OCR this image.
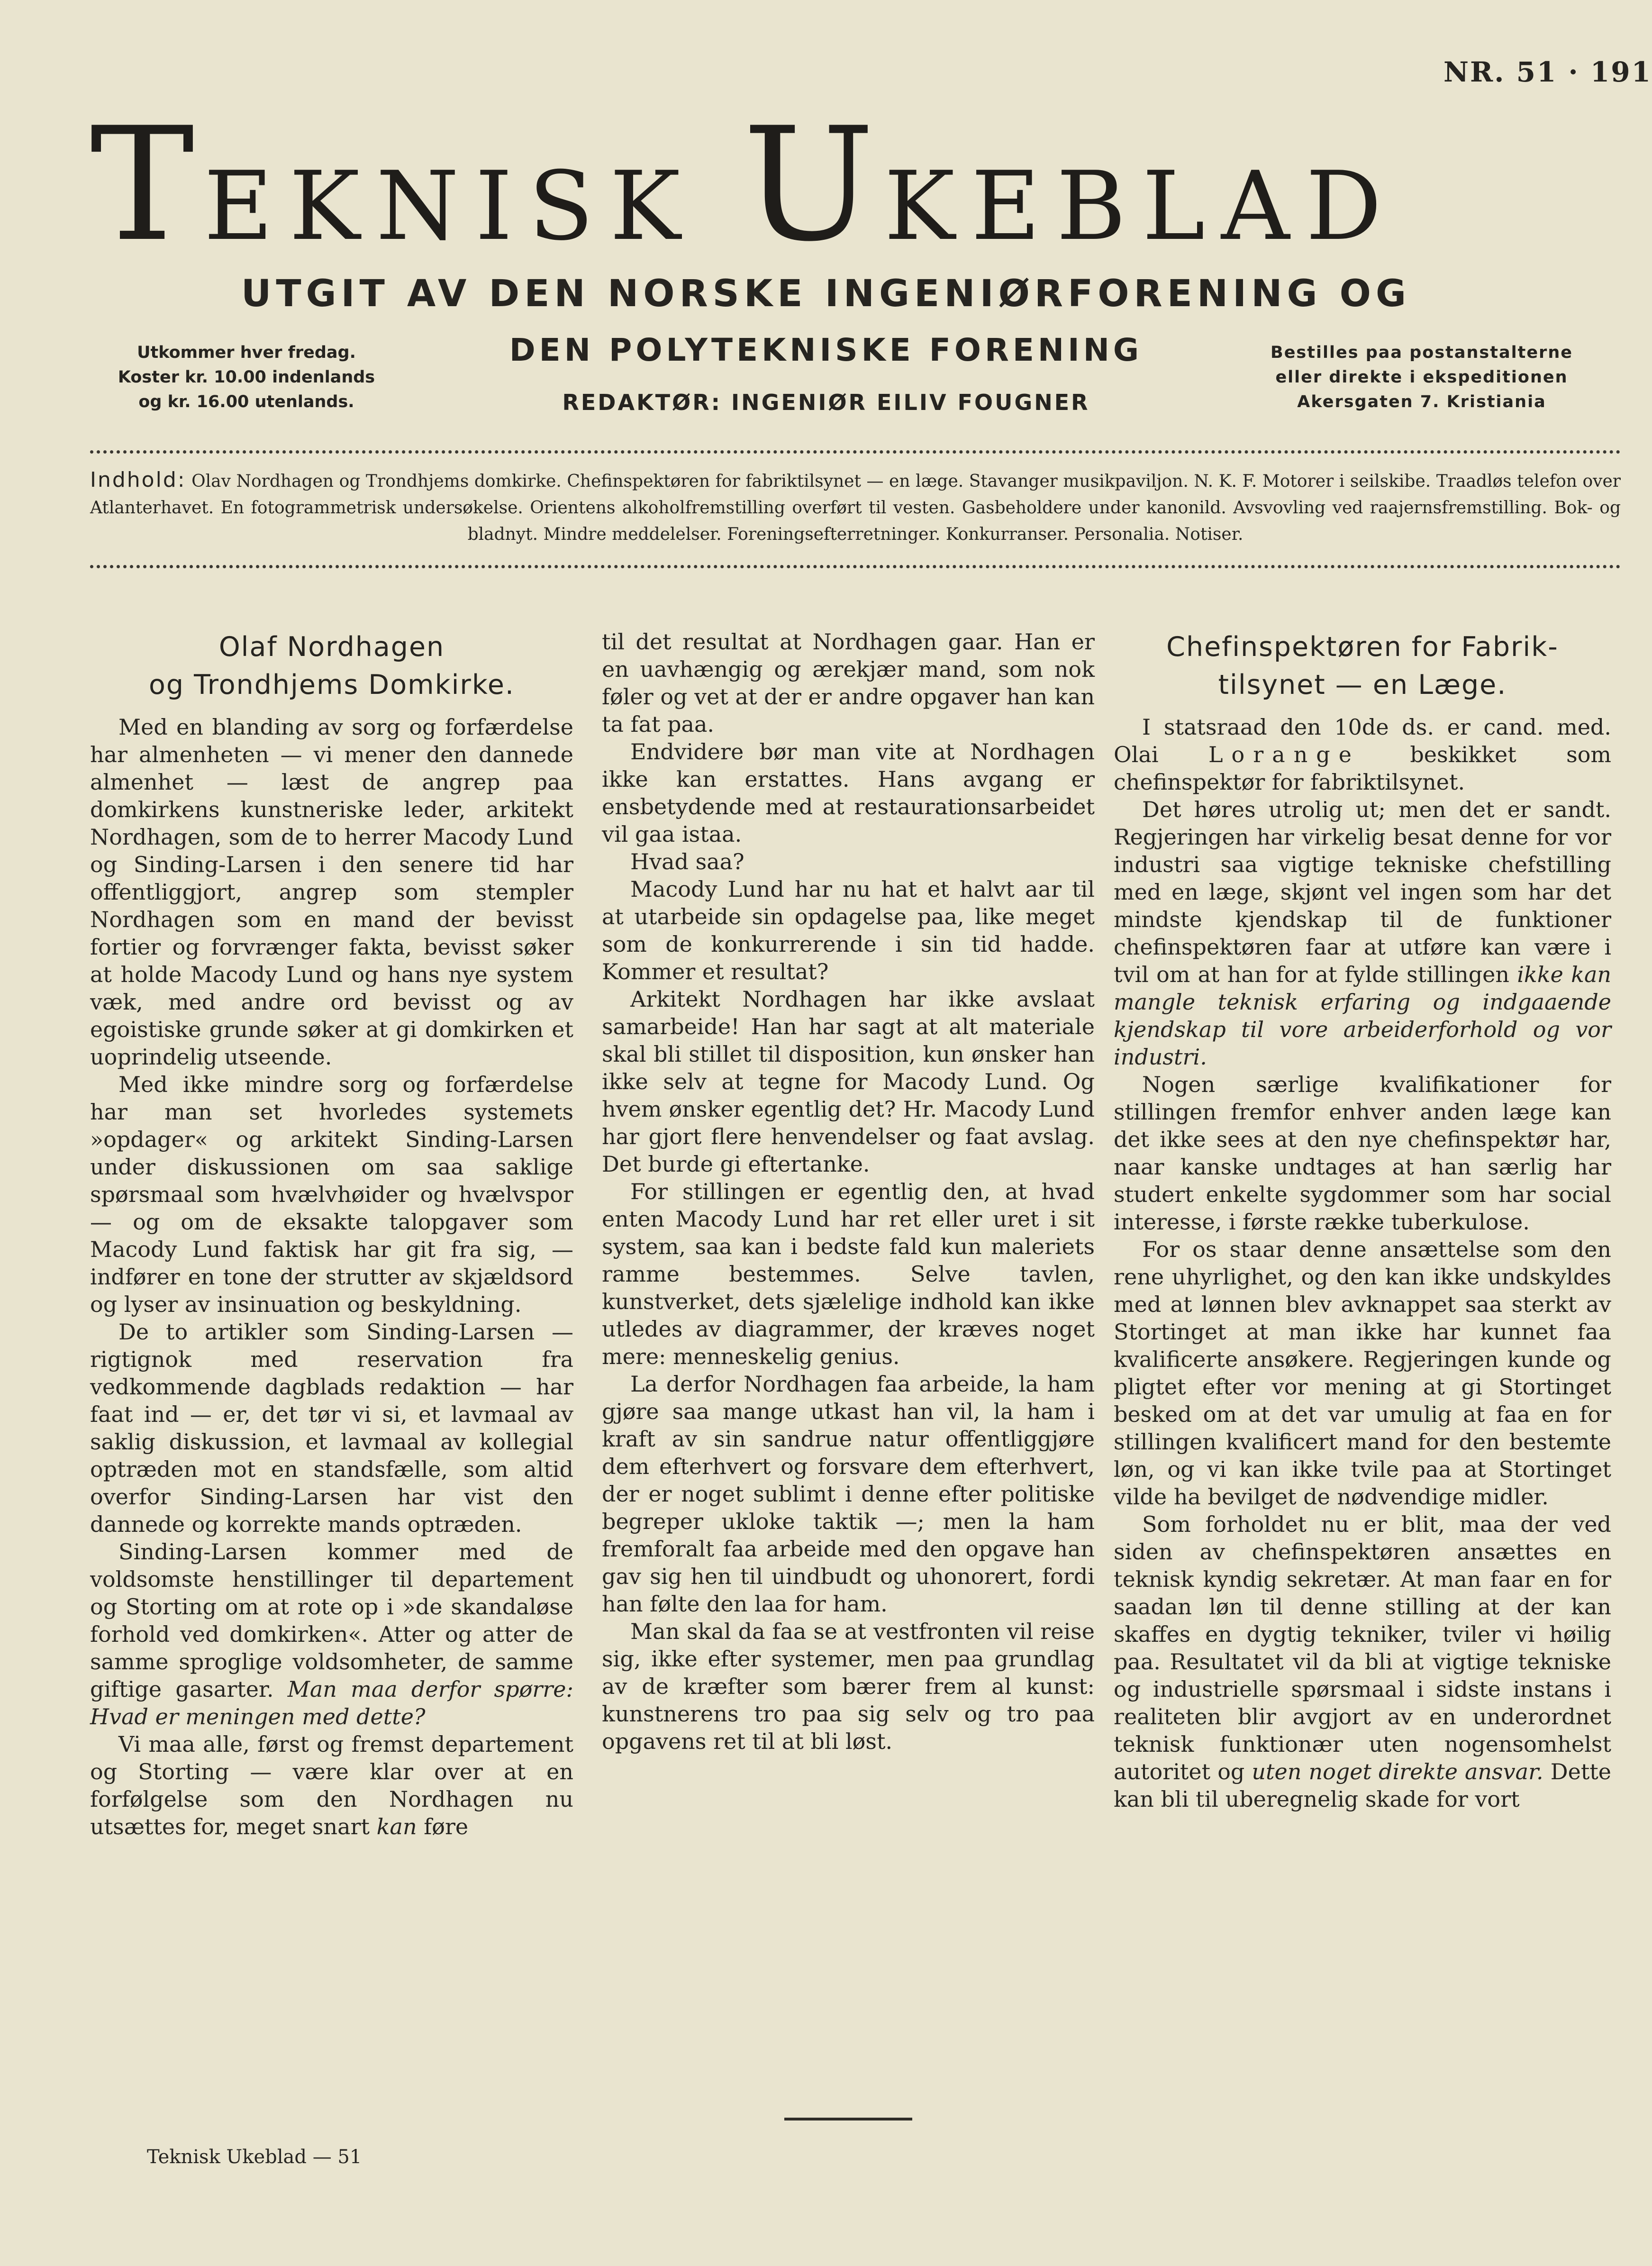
NR. 51 · 191
TEKNISK UKEBLAD
UTGIT AV DEN NORSKE INGENIØRFORENING OG
DEN POLYTEKNISKE FORENING
REDAKTØR: INGENIØR EILIV FOUGNER
Utkommer hver fredag.
Koster kr. 10.00 indenlands
og kr. 16.00 utenlands.
Bestilles paa postanstalterne
eller direkte i ekspeditionen
Akersgaten 7. Kristiania
Indhold: Olav Nordhagen og Trondhjems domkirke. Chefinspektøren for fabriktilsynet — en læge. Stavanger musikpaviljon. N. K. F. Motorer i seilskibe. Traadløs telefon over Atlanterhavet. En fotogrammetrisk undersøkelse. Orientens alkoholfremstilling overført til vesten. Gasbeholdere under kanonild. Avsvovling ved raajernsfremstilling. Bok- og bladnyt. Mindre meddelelser. Foreningsefterretninger. Konkurranser. Personalia. Notiser.
Olaf Nordhagen
og Trondhjems Domkirke.

Med en blanding av sorg og forfærdelse har almenheten — vi mener den dannede almenhet — læst de angrep paa domkirkens kunstneriske leder, arkitekt Nordhagen, som de to herrer Macody Lund og Sinding-Larsen i den senere tid har offentliggjort, angrep som stempler Nordhagen som en mand der bevisst fortier og forvrænger fakta, bevisst søker at holde Macody Lund og hans nye system væk, med andre ord bevisst og av egoistiske grunde søker at gi domkirken et uoprindelig utseende.

Med ikke mindre sorg og forfærdelse har man set hvorledes systemets »opdager« og arkitekt Sinding-Larsen under diskussionen om saa saklige spørsmaal som hvælvhøider og hvælvspor — og om de eksakte talopgaver som Macody Lund faktisk har git fra sig, — indfører en tone der strutter av skjældsord og lyser av insinuation og beskyldning.

De to artikler som Sinding-Larsen — rigtignok med reservation fra vedkommende dagblads redaktion — har faat ind — er, det tør vi si, et lavmaal av saklig diskussion, et lavmaal av kollegial optræden mot en standsfælle, som altid overfor Sinding-Larsen har vist den dannede og korrekte mands optræden.

Sinding-Larsen kommer med de voldsomste henstillinger til departement og Storting om at rote op i »de skandaløse forhold ved domkirken«. Atter og atter de samme sproglige voldsomheter, de samme giftige gasarter. Man maa derfor spørre: Hvad er meningen med dette?

Vi maa alle, først og fremst departement og Storting — være klar over at en forfølgelse som den Nordhagen nu utsættes for, meget snart kan føre

til det resultat at Nordhagen gaar. Han er en uavhængig og ærekjær mand, som nok føler og vet at der er andre opgaver han kan ta fat paa.

Endvidere bør man vite at Nordhagen ikke kan erstattes. Hans avgang er ensbetydende med at restaurationsarbeidet vil gaa istaa.

Hvad saa?

Macody Lund har nu hat et halvt aar til at utarbeide sin opdagelse paa, like meget som de konkurrerende i sin tid hadde. Kommer et resultat?

Arkitekt Nordhagen har ikke avslaat samarbeide! Han har sagt at alt materiale skal bli stillet til disposition, kun ønsker han ikke selv at tegne for Macody Lund. Og hvem ønsker egentlig det? Hr. Macody Lund har gjort flere henvendelser og faat avslag. Det burde gi eftertanke.

For stillingen er egentlig den, at hvad enten Macody Lund har ret eller uret i sit system, saa kan i bedste fald kun maleriets ramme bestemmes. Selve tavlen, kunstverket, dets sjælelige indhold kan ikke utledes av diagrammer, der kræves noget mere: menneskelig genius.

La derfor Nordhagen faa arbeide, la ham gjøre saa mange utkast han vil, la ham i kraft av sin sandrue natur offentliggjøre dem efterhvert og forsvare dem efterhvert, der er noget sublimt i denne efter politiske begreper ukloke taktik —; men la ham fremforalt faa arbeide med den opgave han gav sig hen til uindbudt og uhonorert, fordi han følte den laa for ham.

Man skal da faa se at vestfronten vil reise sig, ikke efter systemer, men paa grundlag av de kræfter som bærer frem al kunst: kunstnerens tro paa sig selv og tro paa opgavens ret til at bli løst.

Chefinspektøren for Fabrik-
tilsynet — en Læge.

I statsraad den 10de ds. er cand. med. Olai Lorange beskikket som chefinspektør for fabriktilsynet.

Det høres utrolig ut; men det er sandt. Regjeringen har virkelig besat denne for vor industri saa vigtige tekniske chefstilling med en læge, skjønt vel ingen som har det mindste kjendskap til de funktioner chefinspektøren faar at utføre kan være i tvil om at han for at fylde stillingen ikke kan mangle teknisk erfaring og indgaaende kjendskap til vore arbeiderforhold og vor industri.

Nogen særlige kvalifikationer for stillingen fremfor enhver anden læge kan det ikke sees at den nye chefinspektør har, naar kanske undtages at han særlig har studert enkelte sygdommer som har social interesse, i første række tuberkulose.

For os staar denne ansættelse som den rene uhyrlighet, og den kan ikke undskyldes med at lønnen blev avknappet saa sterkt av Stortinget at man ikke har kunnet faa kvalificerte ansøkere. Regjeringen kunde og pligtet efter vor mening at gi Stortinget besked om at det var umulig at faa en for stillingen kvalificert mand for den bestemte løn, og vi kan ikke tvile paa at Stortinget vilde ha bevilget de nødvendige midler.

Som forholdet nu er blit, maa der ved siden av chefinspektøren ansættes en teknisk kyndig sekretær. At man faar en for saadan løn til denne stilling at der kan skaffes en dygtig tekniker, tviler vi høilig paa. Resultatet vil da bli at vigtige tekniske og industrielle spørsmaal i sidste instans i realiteten blir avgjort av en underordnet teknisk funktionær uten nogensomhelst autoritet og uten noget direkte ansvar. Dette kan bli til uberegnelig skade for vort

Teknisk Ukeblad — 51
